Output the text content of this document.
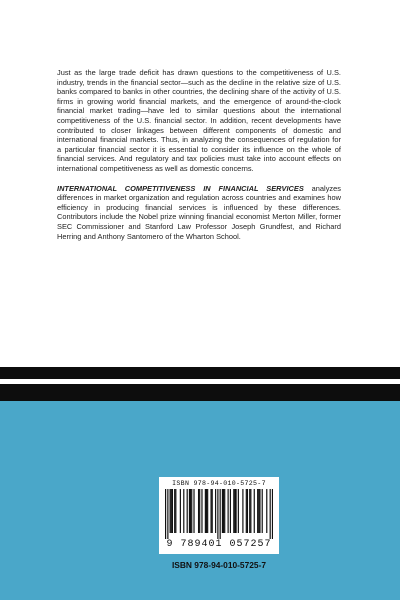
Just as the large trade deficit has drawn questions to the competitiveness of U.S. industry, trends in the financial sector—such as the decline in the relative size of U.S. banks compared to banks in other countries, the declining share of the activity of U.S. firms in growing world financial markets, and the emergence of around-the-clock financial market trading—have led to similar questions about the international competitiveness of the U.S. financial sector. In addition, recent developments have contributed to closer linkages between different components of domestic and international financial markets. Thus, in analyzing the consequences of regulation for a particular financial sector it is essential to consider its influence on the whole of financial services. And regulatory and tax policies must take into account effects on international competitiveness as well as domestic concerns.

INTERNATIONAL COMPETITIVENESS IN FINANCIAL SERVICES analyzes differences in market organization and regulation across countries and examines how efficiency in producing financial services is influenced by these differences. Contributors include the Nobel prize winning financial economist Merton Miller, former SEC Commissioner and Stanford Law Professor Joseph Grundfest, and Richard Herring and Anthony Santomero of the Wharton School.

ISBN 978-94-010-5725-7
9 789401 057257
ISBN 978-94-010-5725-7
